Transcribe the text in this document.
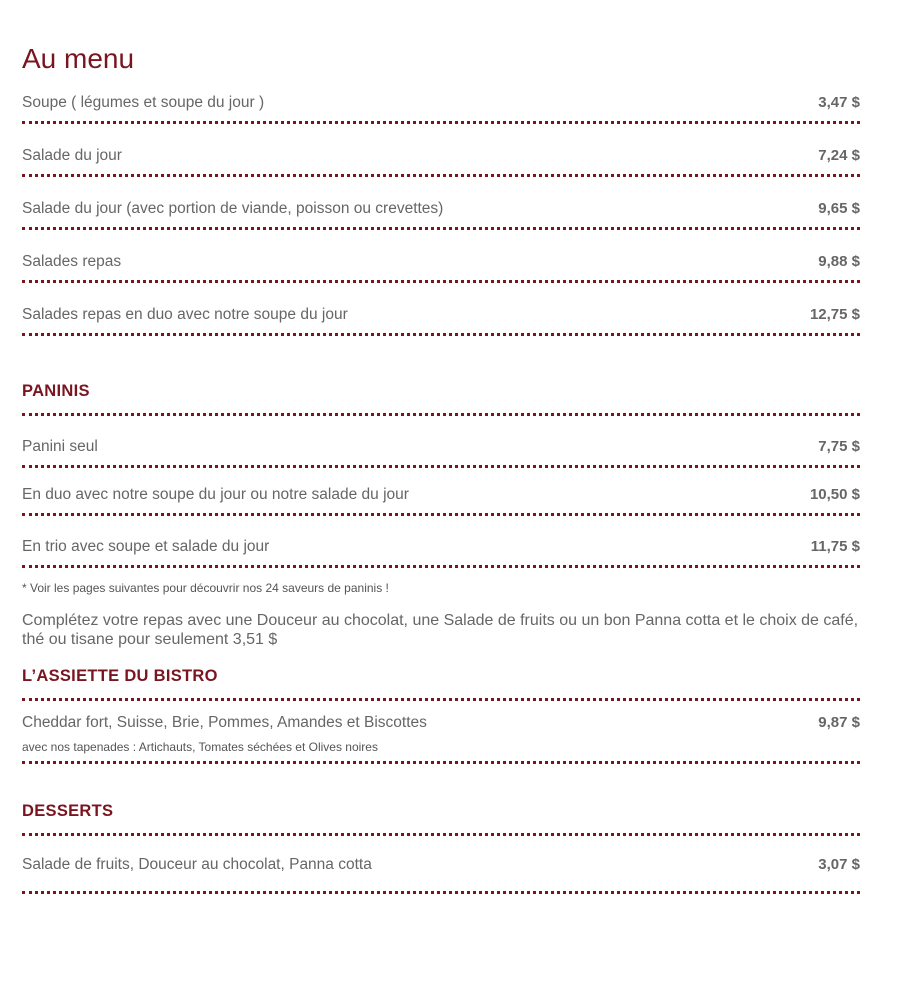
Au menu
Soupe ( légumes et soupe du jour )	3,47 $
Salade du jour	7,24 $
Salade du jour (avec portion de viande, poisson ou crevettes)	9,65 $
Salades repas	9,88 $
Salades repas en duo avec notre soupe du jour	12,75 $
PANINIS
Panini seul	7,75 $
En duo avec notre soupe du jour ou notre salade du jour	10,50 $
En trio avec soupe et salade du jour	11,75 $
* Voir les pages suivantes pour découvrir nos 24 saveurs de paninis !
Complétez votre repas avec une Douceur au chocolat, une Salade de fruits ou un bon Panna cotta et le choix de café, thé ou tisane pour seulement 3,51 $
L’ASSIETTE DU BISTRO
Cheddar fort, Suisse, Brie, Pommes, Amandes et Biscottes	9,87 $
avec nos tapenades : Artichauts, Tomates séchées et Olives noires
DESSERTS
Salade de fruits, Douceur au chocolat, Panna cotta	3,07 $
